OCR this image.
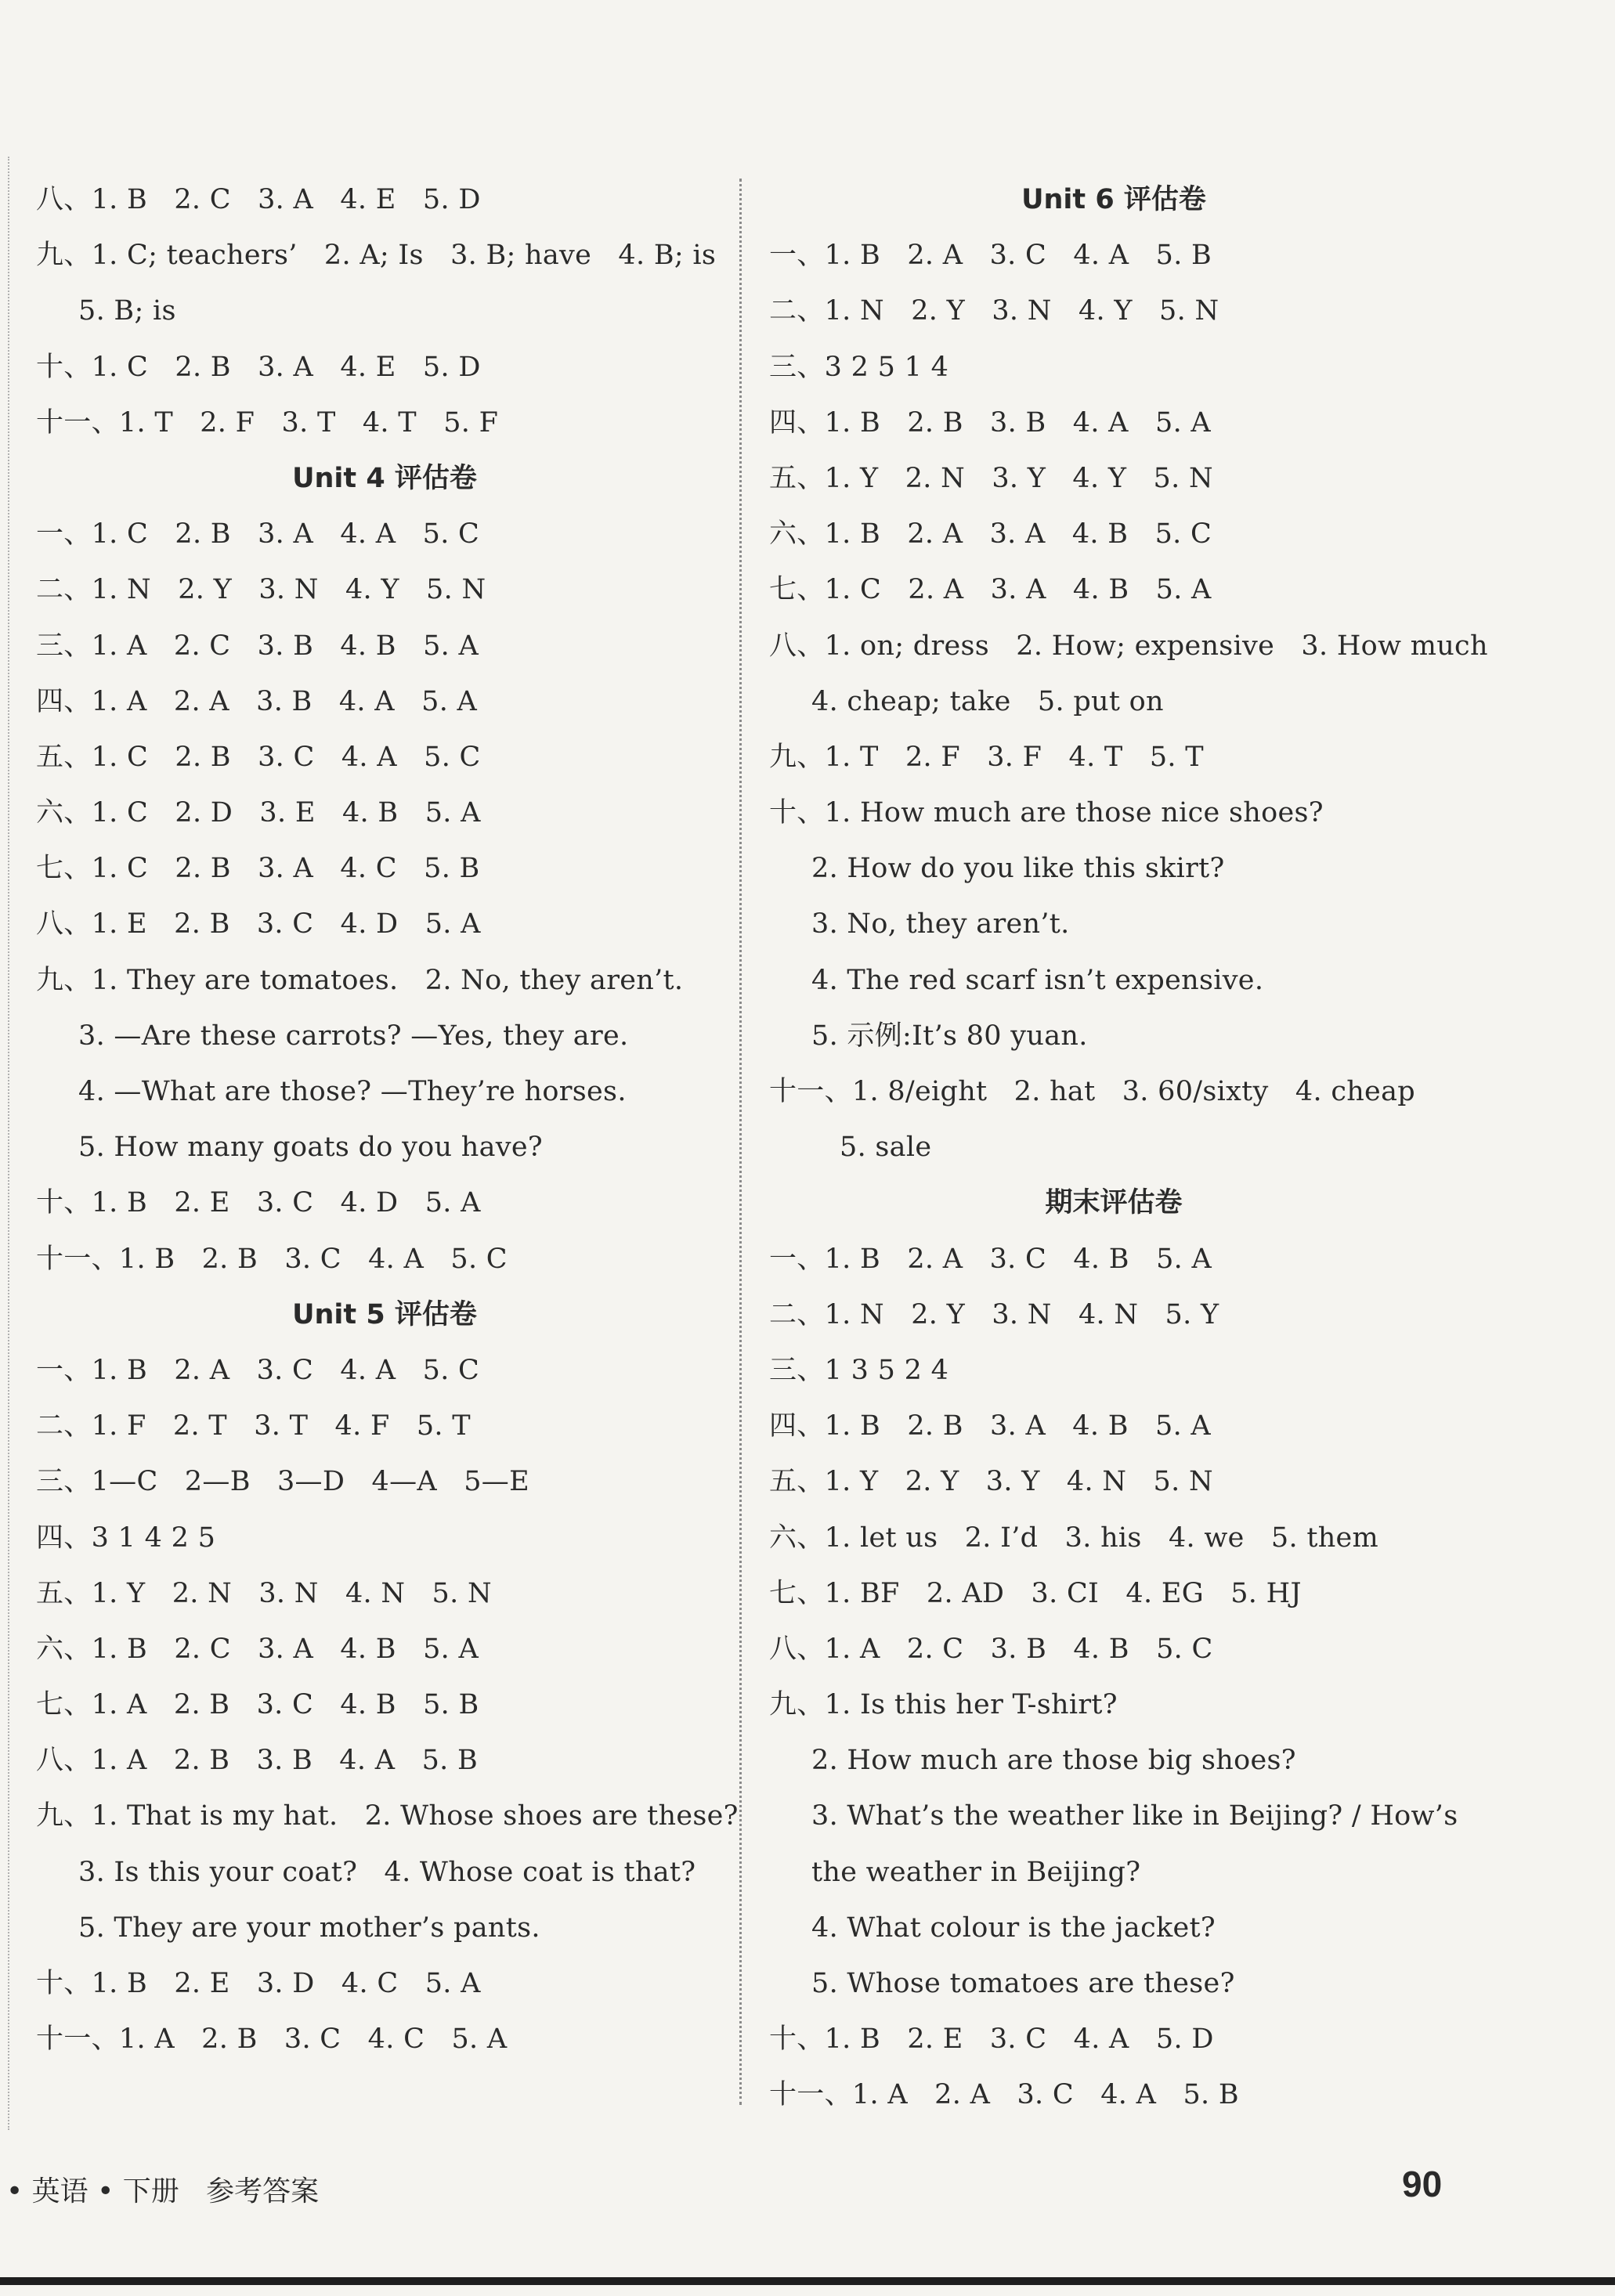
八、1. B   2. C   3. A   4. E   5. D
九、1. C; teachers’   2. A; Is   3. B; have   4. B; is
5. B; is
十、1. C   2. B   3. A   4. E   5. D
十一、1. T   2. F   3. T   4. T   5. F
Unit 4 评估卷
一、1. C   2. B   3. A   4. A   5. C
二、1. N   2. Y   3. N   4. Y   5. N
三、1. A   2. C   3. B   4. B   5. A
四、1. A   2. A   3. B   4. A   5. A
五、1. C   2. B   3. C   4. A   5. C
六、1. C   2. D   3. E   4. B   5. A
七、1. C   2. B   3. A   4. C   5. B
八、1. E   2. B   3. C   4. D   5. A
九、1. They are tomatoes.   2. No, they aren’t.
3. —Are these carrots? —Yes, they are.
4. —What are those? —They’re horses.
5. How many goats do you have?
十、1. B   2. E   3. C   4. D   5. A
十一、1. B   2. B   3. C   4. A   5. C
Unit 5 评估卷
一、1. B   2. A   3. C   4. A   5. C
二、1. F   2. T   3. T   4. F   5. T
三、1—C   2—B   3—D   4—A   5—E
四、3 1 4 2 5
五、1. Y   2. N   3. N   4. N   5. N
六、1. B   2. C   3. A   4. B   5. A
七、1. A   2. B   3. C   4. B   5. B
八、1. A   2. B   3. B   4. A   5. B
九、1. That is my hat.   2. Whose shoes are these?
3. Is this your coat?   4. Whose coat is that?
5. They are your mother’s pants.
十、1. B   2. E   3. D   4. C   5. A
十一、1. A   2. B   3. C   4. C   5. A
Unit 6 评估卷
一、1. B   2. A   3. C   4. A   5. B
二、1. N   2. Y   3. N   4. Y   5. N
三、3 2 5 1 4
四、1. B   2. B   3. B   4. A   5. A
五、1. Y   2. N   3. Y   4. Y   5. N
六、1. B   2. A   3. A   4. B   5. C
七、1. C   2. A   3. A   4. B   5. A
八、1. on; dress   2. How; expensive   3. How much
4. cheap; take   5. put on
九、1. T   2. F   3. F   4. T   5. T
十、1. How much are those nice shoes?
2. How do you like this skirt?
3. No, they aren’t.
4. The red scarf isn’t expensive.
5. 示例:It’s 80 yuan.
十一、1. 8/eight   2. hat   3. 60/sixty   4. cheap
5. sale
期末评估卷
一、1. B   2. A   3. C   4. B   5. A
二、1. N   2. Y   3. N   4. N   5. Y
三、1 3 5 2 4
四、1. B   2. B   3. A   4. B   5. A
五、1. Y   2. Y   3. Y   4. N   5. N
六、1. let us   2. I’d   3. his   4. we   5. them
七、1. BF   2. AD   3. CI   4. EG   5. HJ
八、1. A   2. C   3. B   4. B   5. C
九、1. Is this her T-shirt?
2. How much are those big shoes?
3. What’s the weather like in Beijing? / How’s
the weather in Beijing?
4. What colour is the jacket?
5. Whose tomatoes are these?
十、1. B   2. E   3. C   4. A   5. D
十一、1. A   2. A   3. C   4. A   5. B
• 英语 • 下册   参考答案	90
